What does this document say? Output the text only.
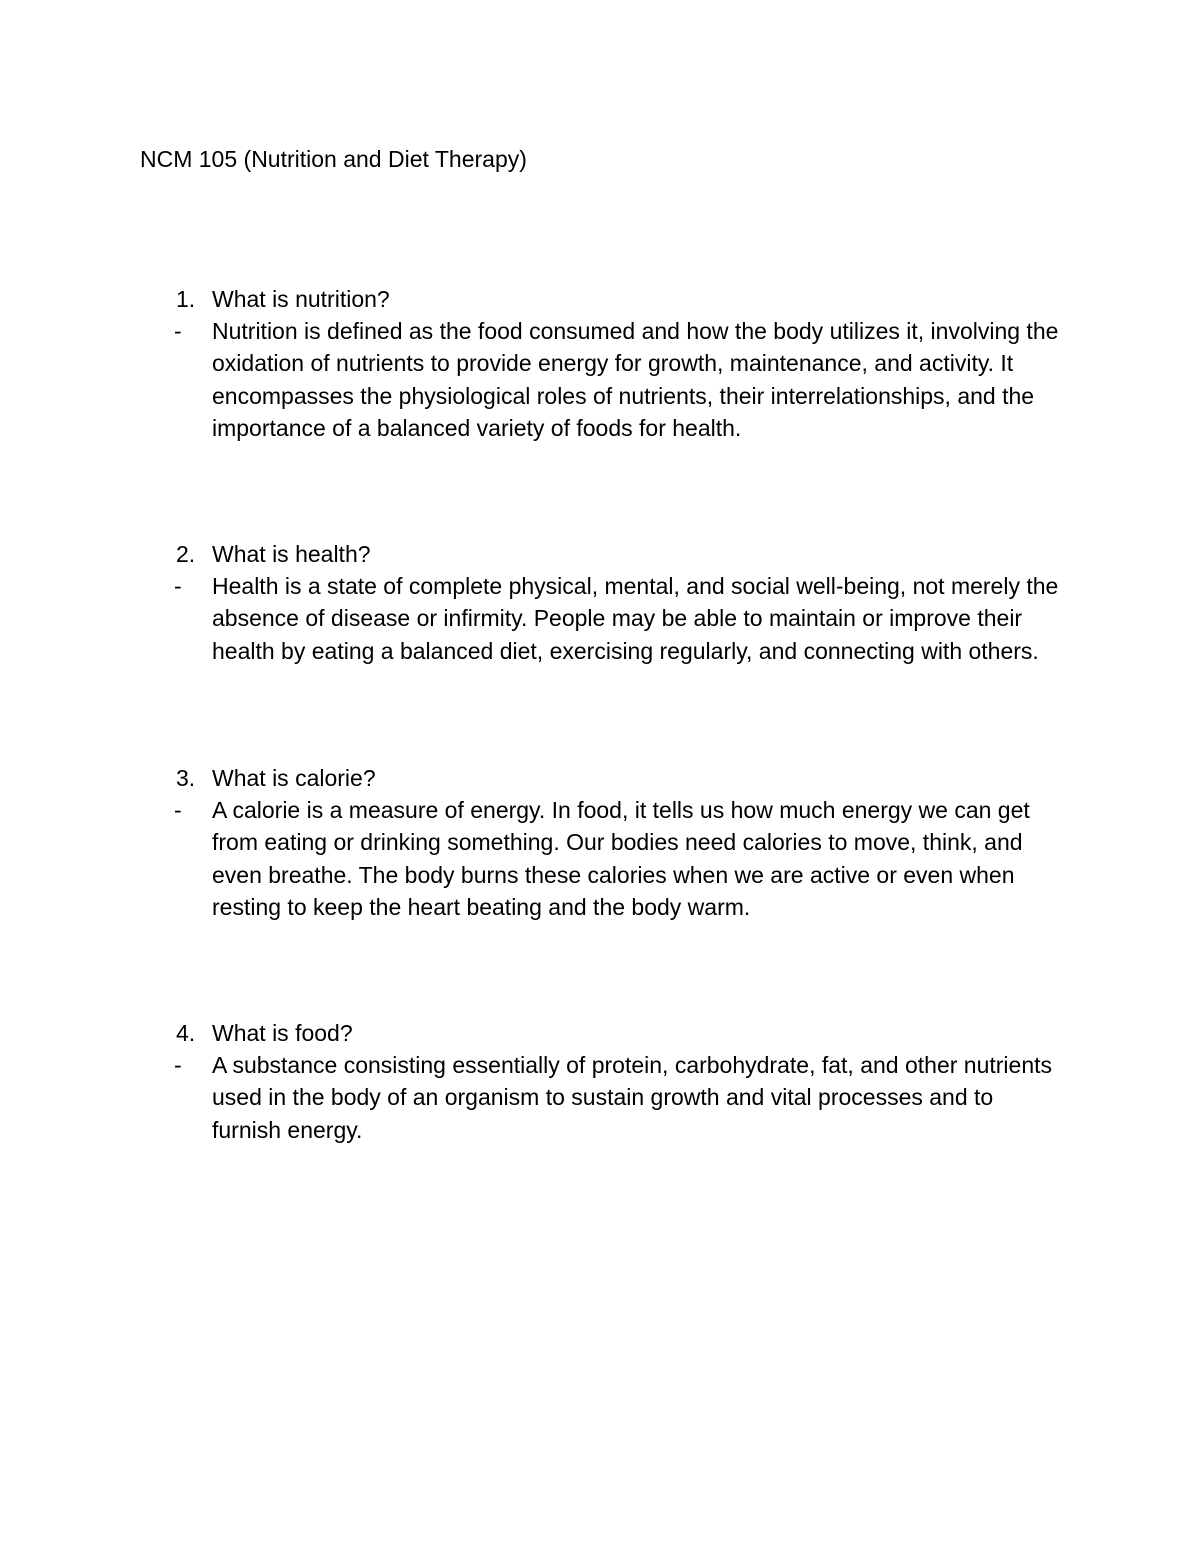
NCM 105 (Nutrition and Diet Therapy)
1. What is nutrition?
- Nutrition is defined as the food consumed and how the body utilizes it, involving the oxidation of nutrients to provide energy for growth, maintenance, and activity. It encompasses the physiological roles of nutrients, their interrelationships, and the importance of a balanced variety of foods for health.
2. What is health?
- Health is a state of complete physical, mental, and social well-being, not merely the absence of disease or infirmity. People may be able to maintain or improve their health by eating a balanced diet, exercising regularly, and connecting with others.
3. What is calorie?
- A calorie is a measure of energy. In food, it tells us how much energy we can get from eating or drinking something. Our bodies need calories to move, think, and even breathe. The body burns these calories when we are active or even when resting to keep the heart beating and the body warm.
4. What is food?
- A substance consisting essentially of protein, carbohydrate, fat, and other nutrients used in the body of an organism to sustain growth and vital processes and to furnish energy.
